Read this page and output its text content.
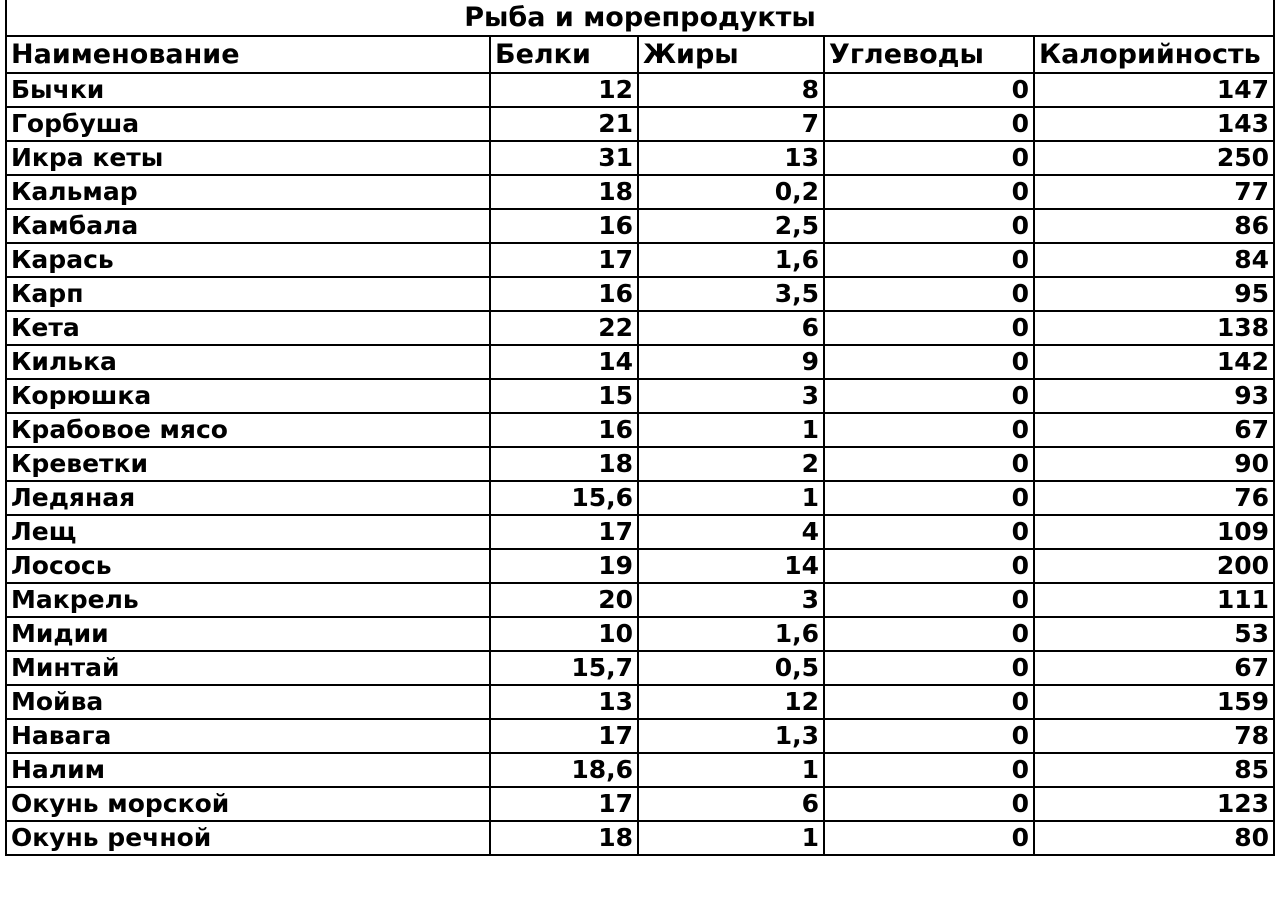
Рыба и морепродукты				
Наименование	Белки	Жиры	Углеводы	Калорийность
Бычки	12	8	0	147
Горбуша	21	7	0	143
Икра кеты	31	13	0	250
Кальмар	18	0,2	0	77
Камбала	16	2,5	0	86
Карась	17	1,6	0	84
Карп	16	3,5	0	95
Кета	22	6	0	138
Килька	14	9	0	142
Корюшка	15	3	0	93
Крабовое мясо	16	1	0	67
Креветки	18	2	0	90
Ледяная	15,6	1	0	76
Лещ	17	4	0	109
Лосось	19	14	0	200
Макрель	20	3	0	111
Мидии	10	1,6	0	53
Минтай	15,7	0,5	0	67
Мойва	13	12	0	159
Навага	17	1,3	0	78
Налим	18,6	1	0	85
Окунь морской	17	6	0	123
Окунь речной	18	1	0	80
